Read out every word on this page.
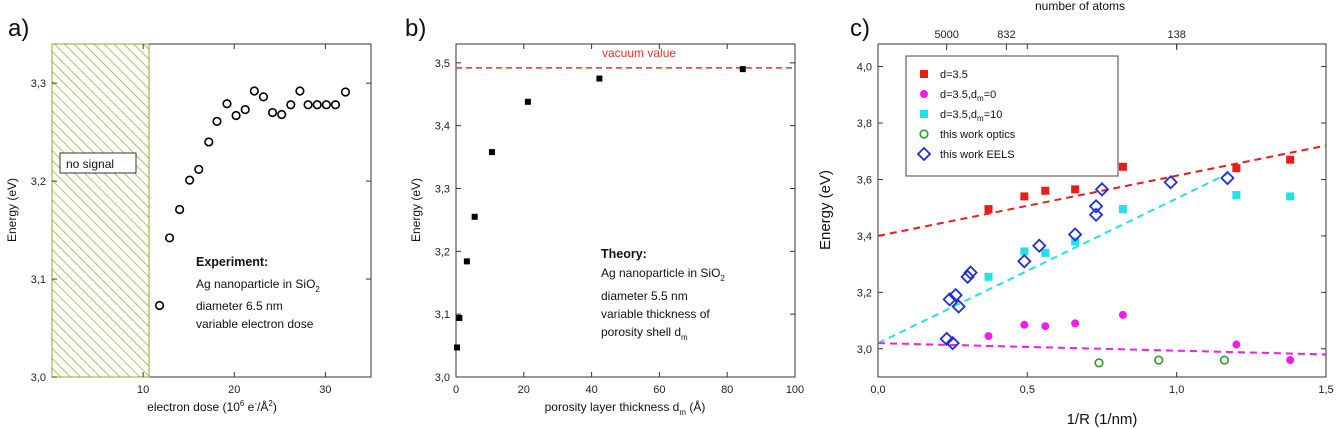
a)
no signal
10	20	30
3,0
3,1
3,2
3,3
Energy (eV)
electron dose ($10^6$ $e^-/Å^2$)
Experiment:
Ag nanoparticle in SiO$_2$
diameter 6.5 nm
variable electron dose
b)
0	20	40	60	80	100
3,0
3,1
3,2
3,3
3,4
3,5
vacuum value
Energy (eV)
porosity layer thickness $d_m$ (Å)
Theory:
Ag nanoparticle in SiO$_2$
diameter 5.5 nm
variable thickness of
porosity shell $d_m$
c)
number of atoms
0,0	0,5	1,0	1,5
3,0
3,2
3,4
3,6
3,8
4,0
5000	832	138
d=3.5
$d=3.5,d_m=0$
$d=3.5,d_m=10$
this work optics
this work EELS
Energy (eV)
1/R (1/nm)
